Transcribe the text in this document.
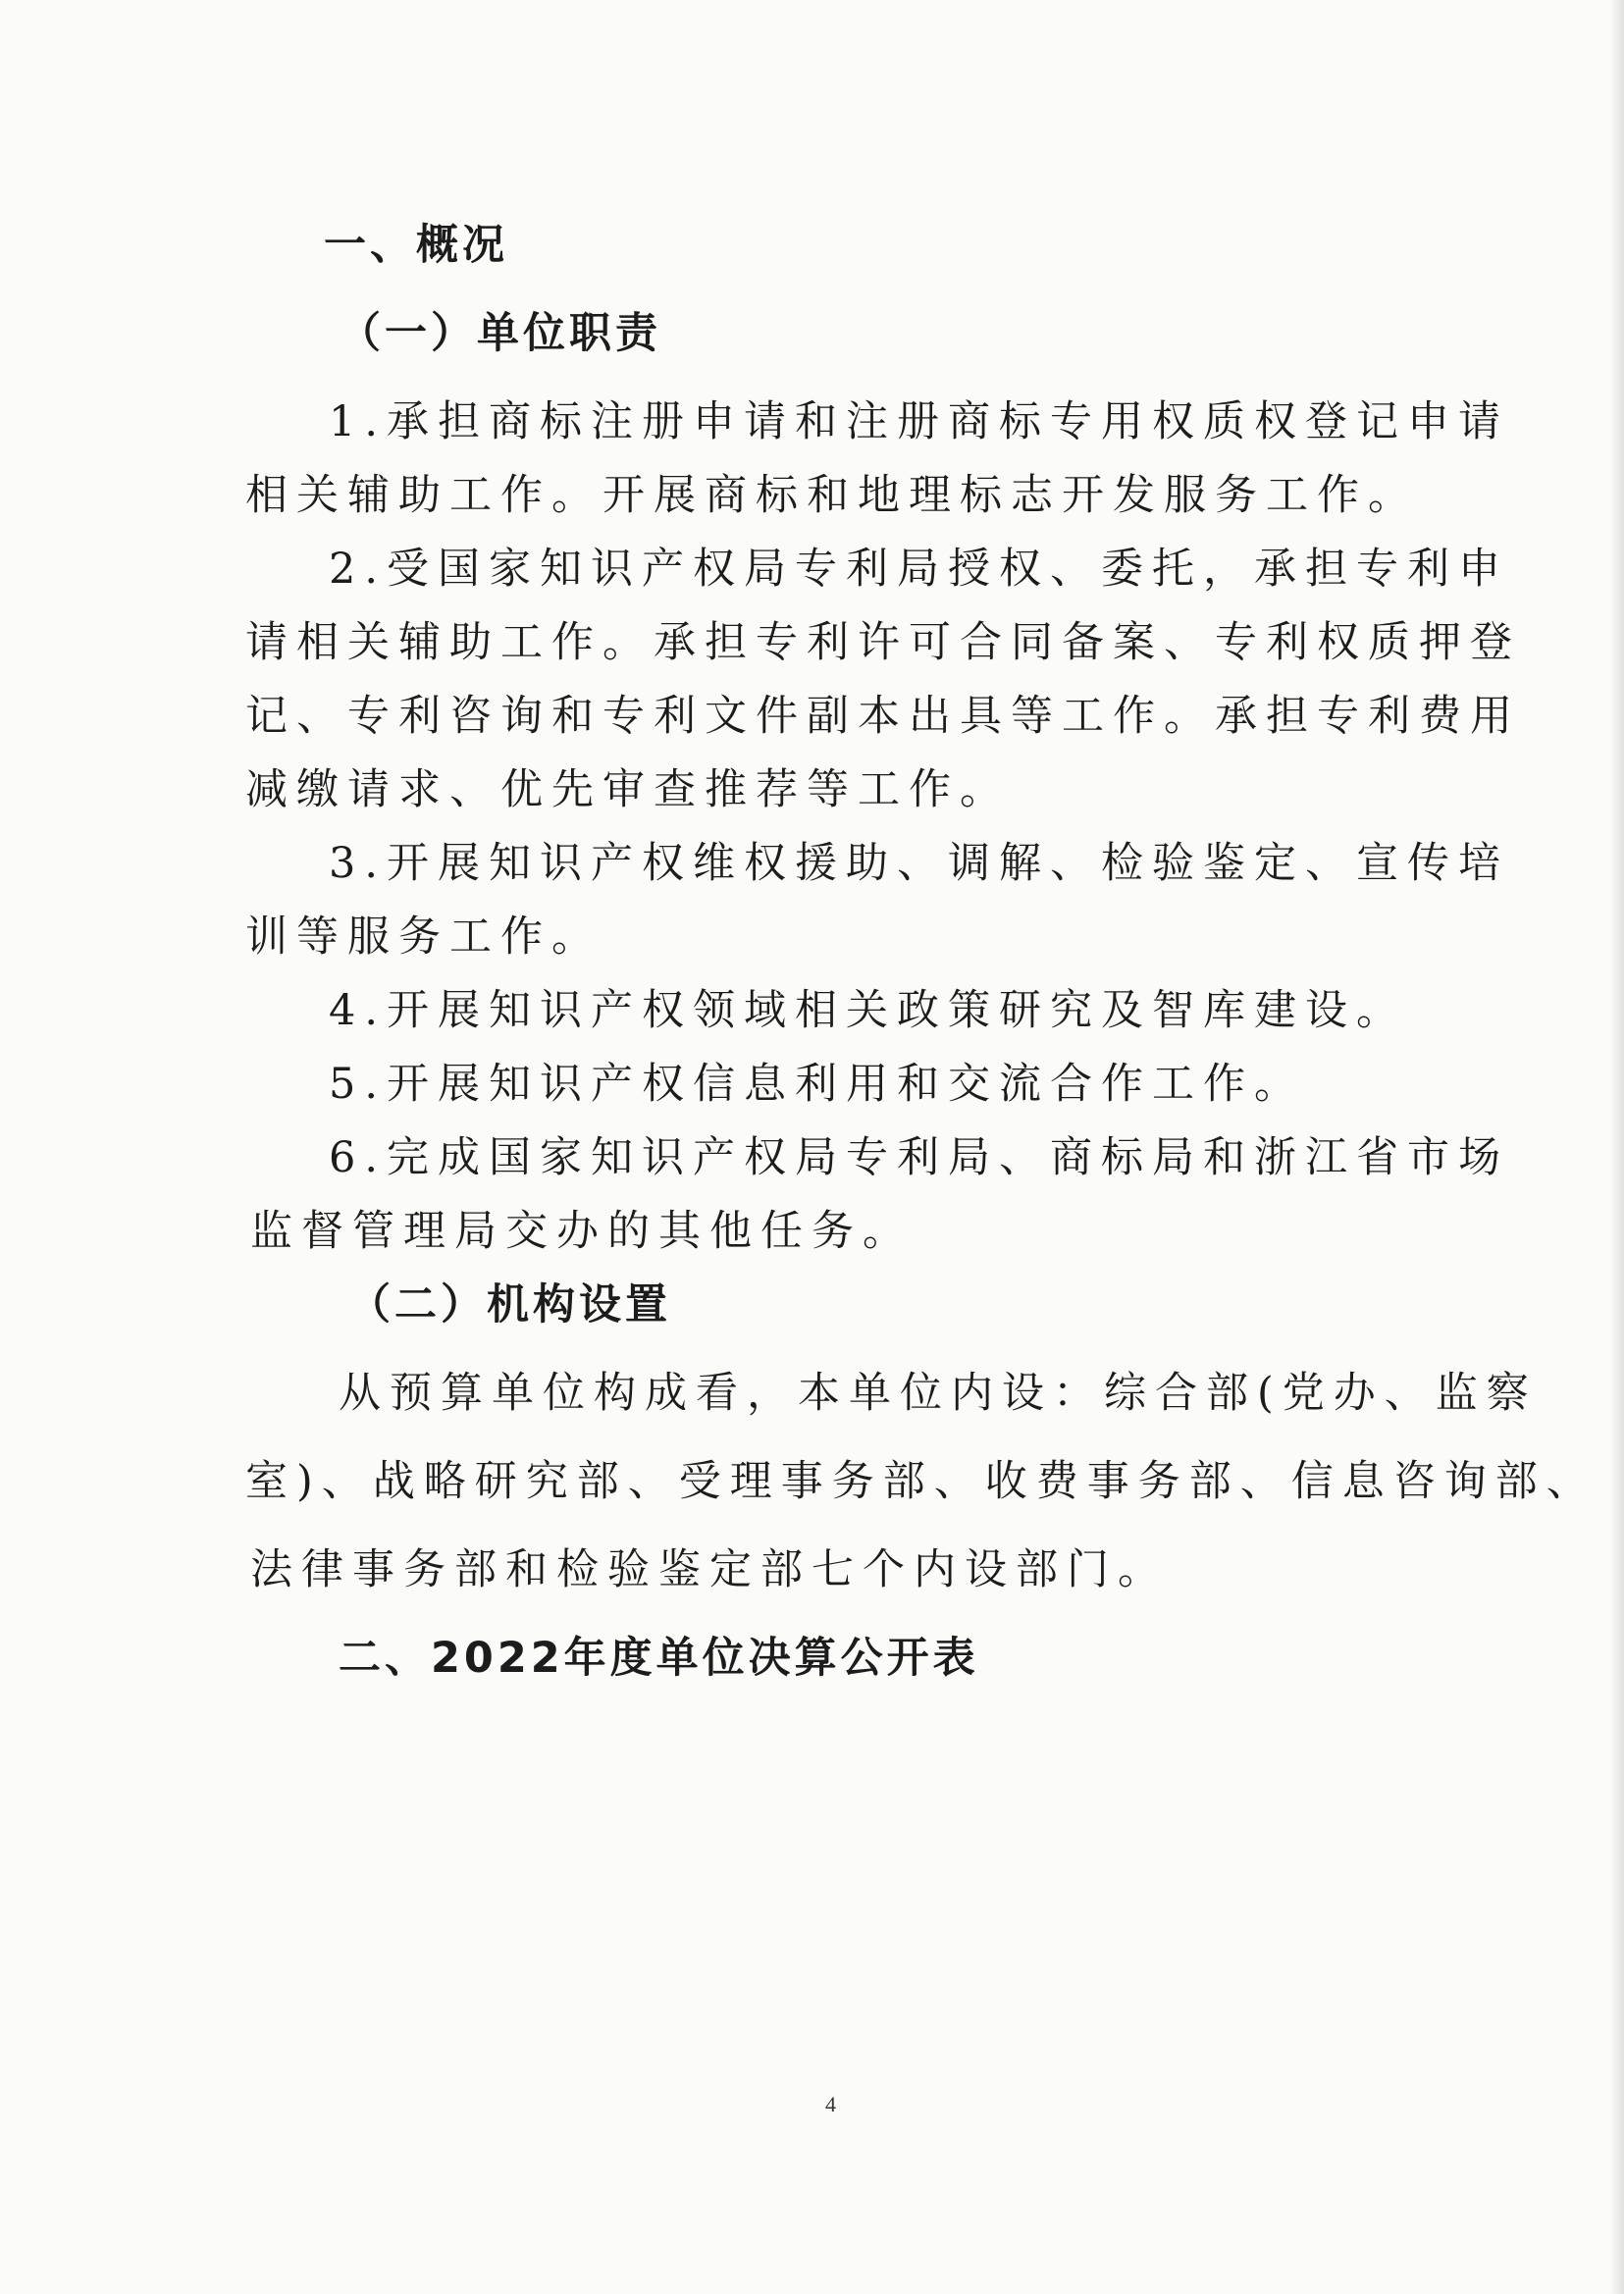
一、概况
（一）单位职责
1.承担商标注册申请和注册商标专用权质权登记申请
相关辅助工作。开展商标和地理标志开发服务工作。
2.受国家知识产权局专利局授权、委托，承担专利申
请相关辅助工作。承担专利许可合同备案、专利权质押登
记、专利咨询和专利文件副本出具等工作。承担专利费用
减缴请求、优先审查推荐等工作。
3.开展知识产权维权援助、调解、检验鉴定、宣传培
训等服务工作。
4.开展知识产权领域相关政策研究及智库建设。
5.开展知识产权信息利用和交流合作工作。
6.完成国家知识产权局专利局、商标局和浙江省市场
监督管理局交办的其他任务。
（二）机构设置
从预算单位构成看，本单位内设：综合部(党办、监察
室)、战略研究部、受理事务部、收费事务部、信息咨询部、
法律事务部和检验鉴定部七个内设部门。
二、2022年度单位决算公开表
4
